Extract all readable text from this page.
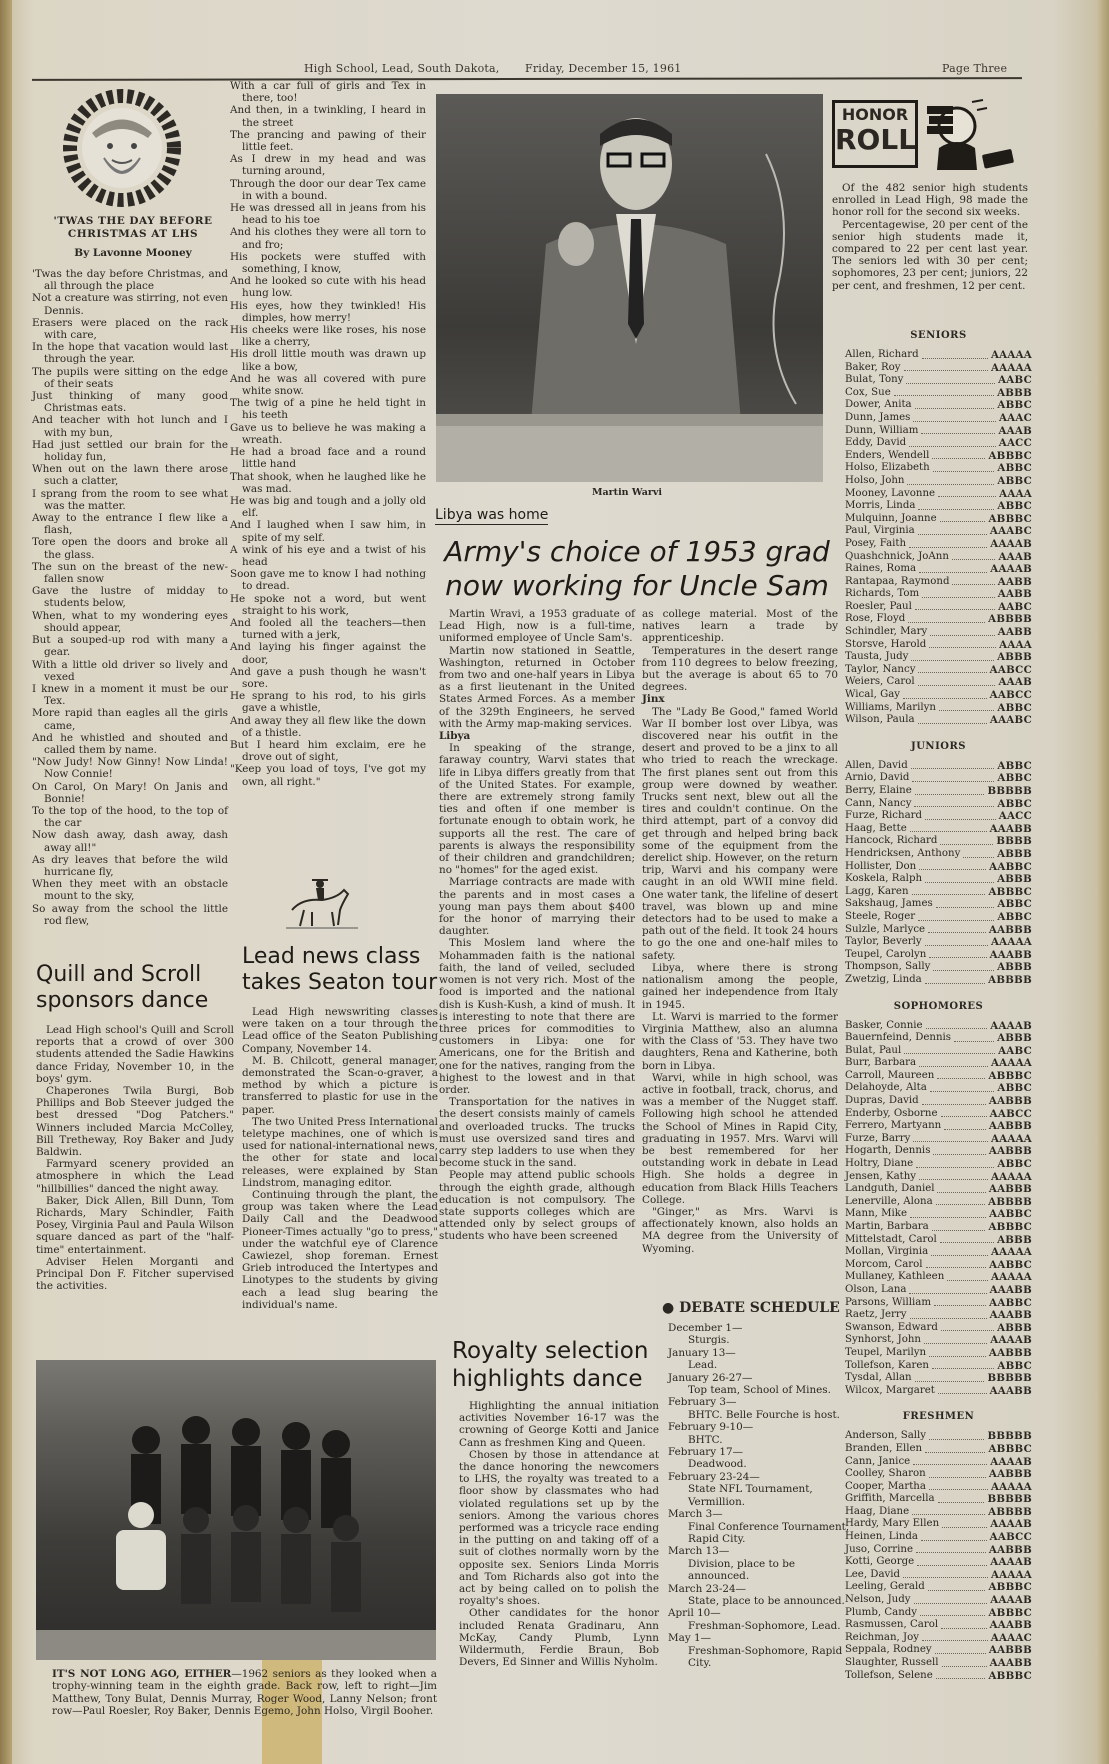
High School, Lead, South Dakota, Friday, December 15, 1961	Page Three
'TWAS THE DAY BEFORE CHRISTMAS AT LHS
By Lavonne Mooney

'Twas the day before Christmas, and all through the place

Not a creature was stirring, not even Dennis.

Erasers were placed on the rack with care,

In the hope that vacation would last through the year.

The pupils were sitting on the edge of their seats

Just thinking of many good Christmas eats.

And teacher with hot lunch and I with my bun,

Had just settled our brain for the holiday fun,

When out on the lawn there arose such a clatter,

I sprang from the room to see what was the matter.

Away to the entrance I flew like a flash,

Tore open the doors and broke all the glass.

The sun on the breast of the new-fallen snow

Gave the lustre of midday to students below,

When, what to my wondering eyes should appear,

But a souped-up rod with many a gear.

With a little old driver so lively and vexed

I knew in a moment it must be our Tex.

More rapid than eagles all the girls came,

And he whistled and shouted and called them by name.

"Now Judy! Now Ginny! Now Linda! Now Connie!

On Carol, On Mary! On Janis and Bonnie!

To the top of the hood, to the top of the car

Now dash away, dash away, dash away all!"

As dry leaves that before the wild hurricane fly,

When they meet with an obstacle mount to the sky,

So away from the school the little rod flew,

With a car full of girls and Tex in there, too!

And then, in a twinkling, I heard in the street

The prancing and pawing of their little feet.

As I drew in my head and was turning around,

Through the door our dear Tex came in with a bound.

He was dressed all in jeans from his head to his toe

And his clothes they were all torn to and fro;

His pockets were stuffed with something, I know,

And he looked so cute with his head hung low.

His eyes, how they twinkled! His dimples, how merry!

His cheeks were like roses, his nose like a cherry,

His droll little mouth was drawn up like a bow,

And he was all covered with pure white snow.

The twig of a pine he held tight in his teeth

Gave us to believe he was making a wreath.

He had a broad face and a round little hand

That shook, when he laughed like he was mad.

He was big and tough and a jolly old elf.

And I laughed when I saw him, in spite of my self.

A wink of his eye and a twist of his head

Soon gave me to know I had nothing to dread.

He spoke not a word, but went straight to his work,

And fooled all the teachers—then turned with a jerk,

And laying his finger against the door,

And gave a push though he wasn't sore.

He sprang to his rod, to his girls gave a whistle,

And away they all flew like the down of a thistle.

But I heard him exclaim, ere he drove out of sight,

"Keep you load of toys, I've got my own, all right."

Quill and Scroll sponsors dance

Lead High school's Quill and Scroll reports that a crowd of over 300 students attended the Sadie Hawkins dance Friday, November 10, in the boys' gym.

Chaperones Twila Burgi, Bob Phillips and Bob Steever judged the best dressed "Dog Patchers." Winners included Marcia McColley, Bill Tretheway, Roy Baker and Judy Baldwin.

Farmyard scenery provided an atmosphere in which the Lead "hillbillies" danced the night away.

Baker, Dick Allen, Bill Dunn, Tom Richards, Mary Schindler, Faith Posey, Virginia Paul and Paula Wilson square danced as part of the "half-time" entertainment.

Adviser Helen Morganti and Principal Don F. Fitcher supervised the activities.

Lead news class takes Seaton tour

Lead High newswriting classes were taken on a tour through the Lead office of the Seaton Publishing Company, November 14.

M. B. Chilcott, general manager, demonstrated the Scan-o-graver, a method by which a picture is transferred to plastic for use in the paper.

The two United Press International teletype machines, one of which is used for national-international news, the other for state and local releases, were explained by Stan Lindstrom, managing editor.

Continuing through the plant, the group was taken where the Lead Daily Call and the Deadwood Pioneer-Times actually "go to press," under the watchful eye of Clarence Cawiezel, shop foreman. Ernest Grieb introduced the Intertypes and Linotypes to the students by giving each a lead slug bearing the individual's name.

IT'S NOT LONG AGO, EITHER—1962 seniors as they looked when a trophy-winning team in the eighth grade. Back row, left to right—Jim Matthew, Tony Bulat, Dennis Murray, Roger Wood, Lanny Nelson; front row—Paul Roesler, Roy Baker, Dennis Egemo, John Holso, Virgil Booher.
Martin Warvi
Libya was home
Army's choice of 1953 grad now working for Uncle Sam

Martin Wravi, a 1953 graduate of Lead High, now is a full-time, uniformed employee of Uncle Sam's.

Martin now stationed in Seattle, Washington, returned in October from two and one-half years in Libya as a first lieutenant in the United States Armed Forces. As a member of the 329th Engineers, he served with the Army map-making services.

Libya

In speaking of the strange, faraway country, Warvi states that life in Libya differs greatly from that of the United States. For example, there are extremely strong family ties and often if one member is fortunate enough to obtain work, he supports all the rest. The care of parents is always the responsibility of their children and grandchildren; no "homes" for the aged exist.

Marriage contracts are made with the parents and in most cases a young man pays them about $400 for the honor of marrying their daughter.

This Moslem land where the Mohammaden faith is the national faith, the land of veiled, secluded women is not very rich. Most of the food is imported and the national dish is Kush-Kush, a kind of mush. It is interesting to note that there are three prices for commodities to customers in Libya: one for Americans, one for the British and one for the natives, ranging from the highest to the lowest and in that order.

Transportation for the natives in the desert consists mainly of camels and overloaded trucks. The trucks must use oversized sand tires and carry step ladders to use when they become stuck in the sand.

People may attend public schools through the eighth grade, although education is not compulsory. The state supports colleges which are attended only by select groups of students who have been screened

as college material. Most of the natives learn a trade by apprenticeship.

Temperatures in the desert range from 110 degrees to below freezing, but the average is about 65 to 70 degrees.

Jinx

The "Lady Be Good," famed World War II bomber lost over Libya, was discovered near his outfit in the desert and proved to be a jinx to all who tried to reach the wreckage. The first planes sent out from this group were downed by weather. Trucks sent next, blew out all the tires and couldn't continue. On the third attempt, part of a convoy did get through and helped bring back some of the equipment from the derelict ship. However, on the return trip, Warvi and his company were caught in an old WWII mine field. One water tank, the lifeline of desert travel, was blown up and mine detectors had to be used to make a path out of the field. It took 24 hours to go the one and one-half miles to safety.

Libya, where there is strong nationalism among the people, gained her independence from Italy in 1945.

Lt. Warvi is married to the former Virginia Matthew, also an alumna with the Class of '53. They have two daughters, Rena and Katherine, both born in Libya.

Warvi, while in high school, was active in football, track, chorus, and was a member of the Nugget staff. Following high school he attended the School of Mines in Rapid City, graduating in 1957. Mrs. Warvi will be best remembered for her outstanding work in debate in Lead High. She holds a degree in education from Black Hills Teachers College.

"Ginger," as Mrs. Warvi is affectionately known, also holds an MA degree from the University of Wyoming.

Royalty selection highlights dance

Highlighting the annual initiation activities November 16-17 was the crowning of George Kotti and Janice Cann as freshmen King and Queen.

Chosen by those in attendance at the dance honoring the newcomers to LHS, the royalty was treated to a floor show by classmates who had violated regulations set up by the seniors. Among the various chores performed was a tricycle race ending in the putting on and taking off of a suit of clothes normally worn by the opposite sex. Seniors Linda Morris and Tom Richards also got into the act by being called on to polish the royalty's shoes.

Other candidates for the honor included Renata Gradinaru, Ann McKay, Candy Plumb, Lynn Wildermuth, Ferdie Braun, Bob Devers, Ed Sinner and Willis Nyholm.

● DEBATE SCHEDULE

December 1—

Sturgis.

January 13—

Lead.

January 26-27—

Top team, School of Mines.

February 3—

BHTC. Belle Fourche is host.

February 9-10—

BHTC.

February 17—

Deadwood.

February 23-24—

State NFL Tournament, Vermillion.

March 3—

Final Conference Tournament, Rapid City.

March 13—

Division, place to be announced.

March 23-24—

State, place to be announced.

April 10—

Freshman-Sophomore, Lead.

May 1—

Freshman-Sophomore, Rapid City.

HONOR
ROLL

Of the 482 senior high students enrolled in Lead High, 98 made the honor roll for the second six weeks.

Percentagewise, 20 per cent of the senior high students made it, compared to 22 per cent last year. The seniors led with 30 per cent; sophomores, 23 per cent; juniors, 22 per cent, and freshmen, 12 per cent.

SENIORS
Allen, Richard	AAAAA
Baker, Roy	AAAAA
Bulat, Tony	AABC
Cox, Sue	ABBB
Dower, Anita	ABBC
Dunn, James	AAAC
Dunn, William	AAAB
Eddy, David	AACC
Enders, Wendell	ABBBC
Holso, Elizabeth	ABBC
Holso, John	ABBC
Mooney, Lavonne	AAAA
Morris, Linda	ABBC
Mulquinn, Joanne	ABBBC
Paul, Virginia	AAABC
Posey, Faith	AAAAB
Quashchnick, JoAnn	AAAB
Raines, Roma	AAAAB
Rantapaa, Raymond	AABB
Richards, Tom	AABB
Roesler, Paul	AABC
Rose, Floyd	ABBBB
Schindler, Mary	AABB
Storsve, Harold	AAAA
Tausta, Judy	ABBB
Taylor, Nancy	AABCC
Weiers, Carol	AAAB
Wical, Gay	AABCC
Williams, Marilyn	ABBC
Wilson, Paula	AAABC
JUNIORS
Allen, David	ABBC
Arnio, David	ABBC
Berry, Elaine	BBBBB
Cann, Nancy	ABBC
Furze, Richard	AACC
Haag, Bette	AAABB
Hancock, Richard	BBBB
Hendricksen, Anthony	ABBB
Hollister, Don	AABBC
Koskela, Ralph	ABBB
Lagg, Karen	ABBBC
Sakshaug, James	ABBC
Steele, Roger	ABBC
Sulzle, Marlyce	AABBB
Taylor, Beverly	AAAAA
Teupel, Carolyn	AAABB
Thompson, Sally	ABBB
Zwetzig, Linda	ABBBB
SOPHOMORES
Basker, Connie	AAAAB
Bauernfeind, Dennis	ABBB
Bulat, Paul	AABC
Burr, Barbara	AAAAA
Carroll, Maureen	ABBBC
Delahoyde, Alta	ABBC
Dupras, David	AABBB
Enderby, Osborne	AABCC
Ferrero, Martyann	AABBB
Furze, Barry	AAAAA
Hogarth, Dennis	AABBB
Holtry, Diane	ABBC
Jensen, Kathy	AAAAA
Landguth, Daniel	AABBB
Lenerville, Alona	ABBBB
Mann, Mike	AABBC
Martin, Barbara	ABBBC
Mittelstadt, Carol	ABBB
Mollan, Virginia	AAAAA
Morcom, Carol	AABBC
Mullaney, Kathleen	AAAAA
Olson, Lana	AAABB
Parsons, William	AABBC
Raetz, Jerry	AAABB
Swanson, Edward	ABBB
Synhorst, John	AAAAB
Teupel, Marilyn	AABBB
Tollefson, Karen	ABBC
Tysdal, Allan	BBBBB
Wilcox, Margaret	AAABB
FRESHMEN
Anderson, Sally	BBBBB
Branden, Ellen	ABBBC
Cann, Janice	AAAAB
Coolley, Sharon	AABBB
Cooper, Martha	AAAAA
Griffith, Marcella	BBBBB
Haag, Diane	ABBBB
Hardy, Mary Ellen	AAAAB
Heinen, Linda	AABCC
Juso, Corrine	AABBB
Kotti, George	AAAAB
Lee, David	AAAAA
Leeling, Gerald	ABBBC
Nelson, Judy	AAAAB
Plumb, Candy	ABBBC
Rasmussen, Carol	AAABB
Reichman, Joy	AAAAC
Seppala, Rodney	AABBB
Slaughter, Russell	AAABB
Tollefson, Selene	ABBBC
